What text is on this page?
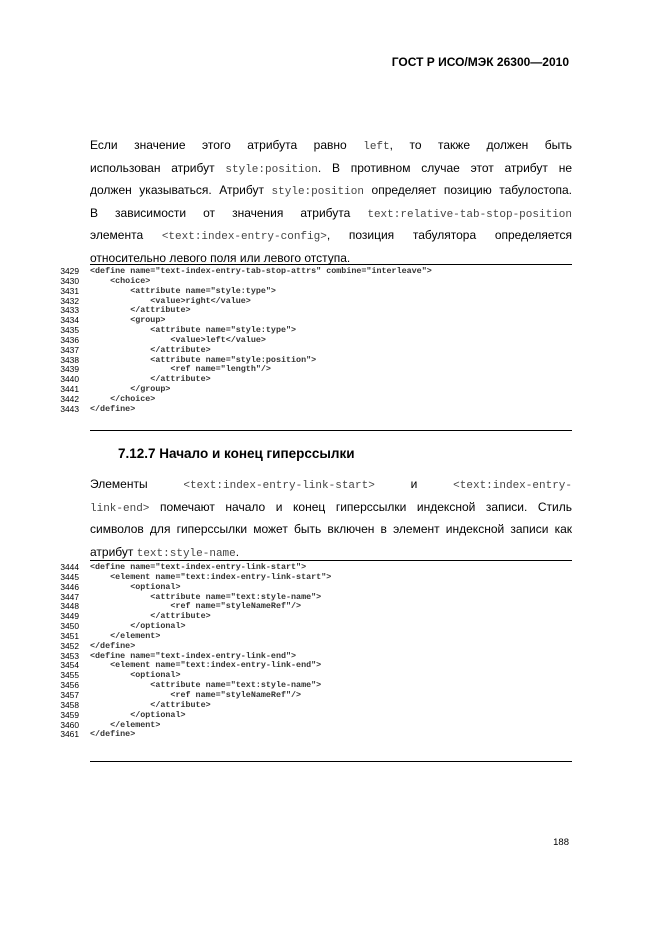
ГОСТ Р ИСО/МЭК 26300—2010
Если значение этого атрибута равно left, то также должен быть
использован атрибут style:position. В противном случае этот атрибут не
должен указываться. Атрибут style:position определяет позицию табулостопа.
В зависимости от значения атрибута text:relative-tab-stop-position
элемента <text:index-entry-config>, позиция табулятора определяется
относительно левого поля или левого отступа.
3429	<define name="text-index-entry-tab-stop-attrs" combine="interleave">
3430	<choice>
3431	<attribute name="style:type">
3432	<value>right</value>
3433	</attribute>
3434	<group>
3435	<attribute name="style:type">
3436	<value>left</value>
3437	</attribute>
3438	<attribute name="style:position">
3439	<ref name="length"/>
3440	</attribute>
3441	</group>
3442	</choice>
3443	</define>
7.12.7 Начало и конец гиперссылки
Элементы <text:index-entry-link-start> и <text:index-entry-
link-end> помечают начало и конец гиперссылки индексной записи. Стиль
символов для гиперссылки может быть включен в элемент индексной записи как
атрибут text:style-name.
3444	<define name="text-index-entry-link-start">
3445	<element name="text:index-entry-link-start">
3446	<optional>
3447	<attribute name="text:style-name">
3448	<ref name="styleNameRef"/>
3449	</attribute>
3450	</optional>
3451	</element>
3452	</define>
3453	<define name="text-index-entry-link-end">
3454	<element name="text:index-entry-link-end">
3455	<optional>
3456	<attribute name="text:style-name">
3457	<ref name="styleNameRef"/>
3458	</attribute>
3459	</optional>
3460	</element>
3461	</define>
188
